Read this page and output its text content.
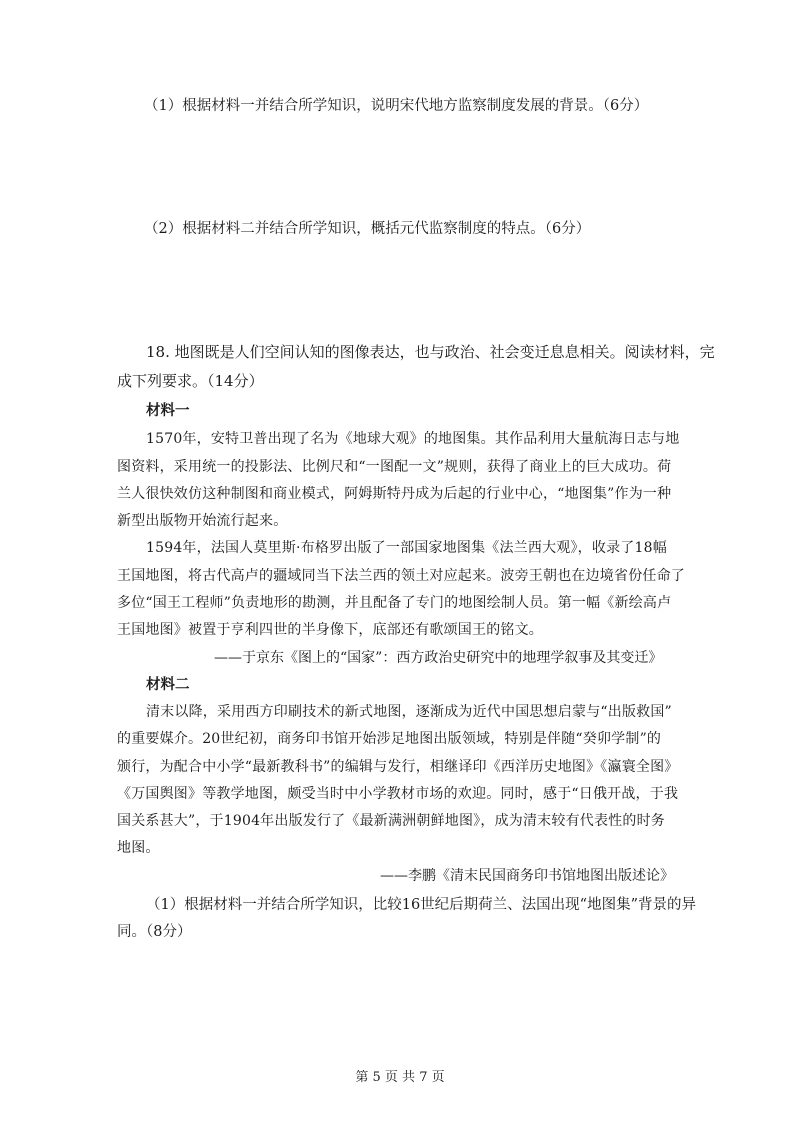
（1）根据材料一并结合所学知识，说明宋代地方监察制度发展的背景。（6分）
（2）根据材料二并结合所学知识，概括元代监察制度的特点。（6分）
18. 地图既是人们空间认知的图像表达，也与政治、社会变迁息息相关。阅读材料，完
成下列要求。（14分）
材料一
1570年，安特卫普出现了名为《地球大观》的地图集。其作品利用大量航海日志与地
图资料，采用统一的投影法、比例尺和“一图配一文”规则，获得了商业上的巨大成功。荷
兰人很快效仿这种制图和商业模式，阿姆斯特丹成为后起的行业中心，“地图集”作为一种
新型出版物开始流行起来。
1594年，法国人莫里斯·布格罗出版了一部国家地图集《法兰西大观》，收录了18幅
王国地图，将古代高卢的疆域同当下法兰西的领土对应起来。波旁王朝也在边境省份任命了
多位“国王工程师”负责地形的勘测，并且配备了专门的地图绘制人员。第一幅《新绘高卢
王国地图》被置于亨利四世的半身像下，底部还有歌颂国王的铭文。
——于京东《图上的“国家”：西方政治史研究中的地理学叙事及其变迁》
材料二
清末以降，采用西方印刷技术的新式地图，逐渐成为近代中国思想启蒙与“出版救国”
的重要媒介。20世纪初，商务印书馆开始涉足地图出版领域，特别是伴随“癸卯学制”的
颁行，为配合中小学“最新教科书”的编辑与发行，相继译印《西洋历史地图》《瀛寰全图》
《万国舆图》等教学地图，颇受当时中小学教材市场的欢迎。同时，感于“日俄开战，于我
国关系甚大”，于1904年出版发行了《最新满洲朝鲜地图》，成为清末较有代表性的时务
地图。
——李鹏《清末民国商务印书馆地图出版述论》
（1）根据材料一并结合所学知识，比较16世纪后期荷兰、法国出现“地图集”背景的异
同。（8分）
第 5 页 共 7 页
